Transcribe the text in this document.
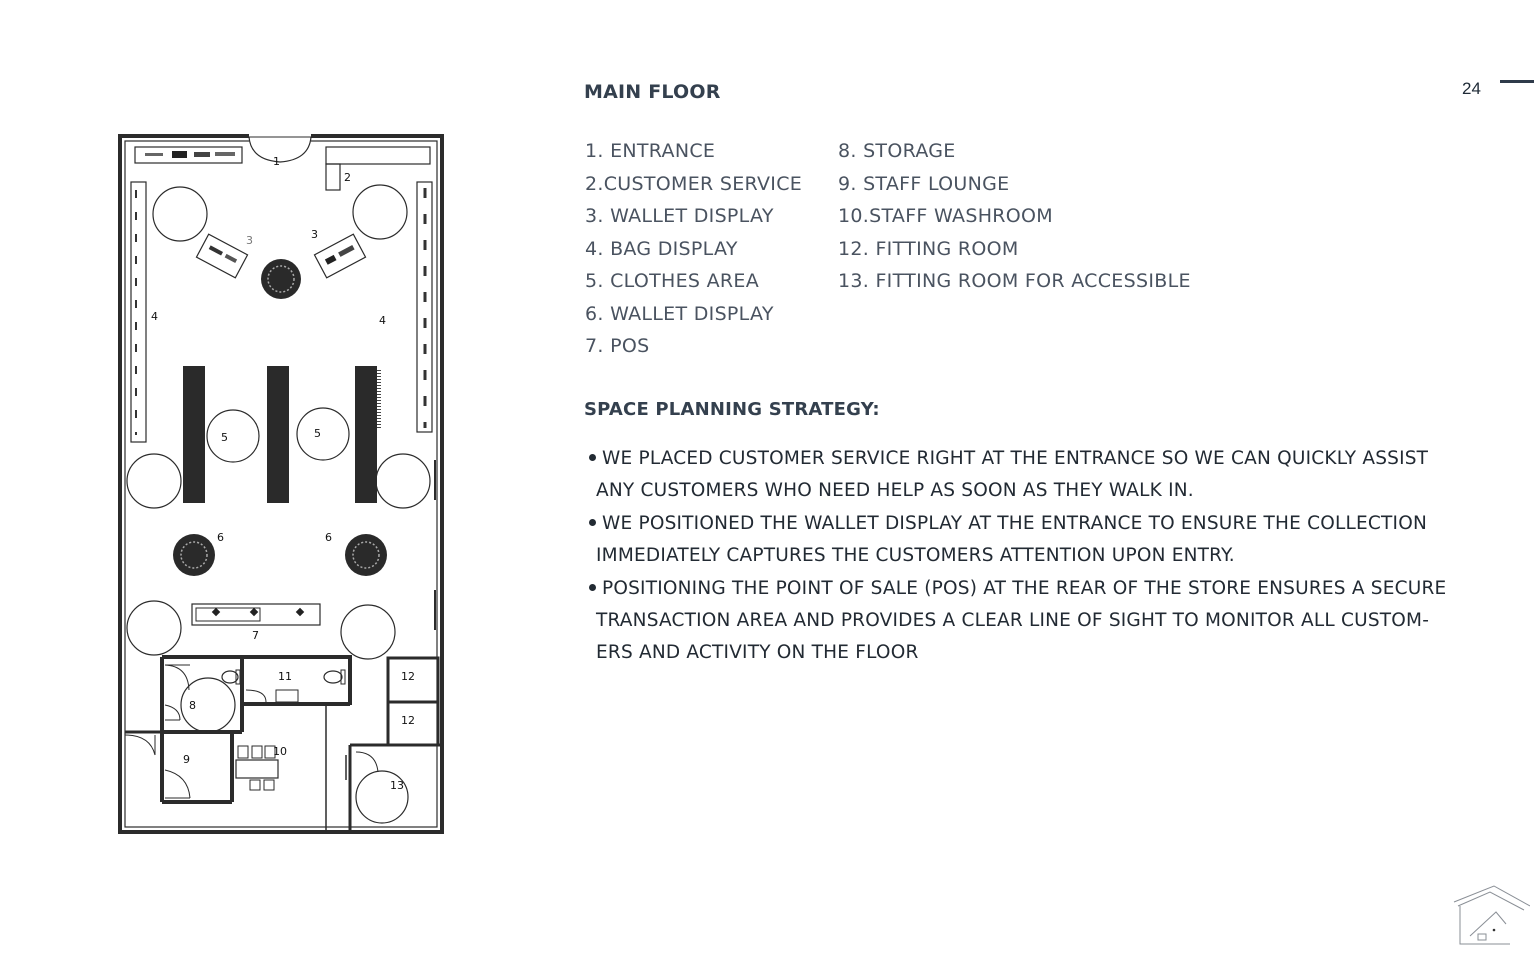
24
MAIN FLOOR
1. ENTRANCE
2.CUSTOMER SERVICE
3. WALLET DISPLAY
4. BAG DISPLAY
5. CLOTHES AREA
6. WALLET DISPLAY
7. POS
8. STORAGE
9. STAFF LOUNGE
10.STAFF WASHROOM
12. FITTING ROOM
13. FITTING ROOM FOR ACCESSIBLE
SPACE PLANNING STRATEGY:
WE PLACED CUSTOMER SERVICE RIGHT AT THE ENTRANCE SO WE CAN QUICKLY ASSIST
ANY CUSTOMERS WHO NEED HELP AS SOON AS THEY WALK IN.
WE POSITIONED THE WALLET DISPLAY AT THE ENTRANCE TO ENSURE THE COLLECTION
IMMEDIATELY CAPTURES THE CUSTOMERS ATTENTION UPON ENTRY.
POSITIONING THE POINT OF SALE (POS) AT THE REAR OF THE STORE ENSURES A SECURE
TRANSACTION AREA AND PROVIDES A CLEAR LINE OF SIGHT TO MONITOR ALL CUSTOM-
ERS AND ACTIVITY ON THE FLOOR
1
2
3	3
4	4
5	5
6	6
7
8
9
10
11	12
12
13
